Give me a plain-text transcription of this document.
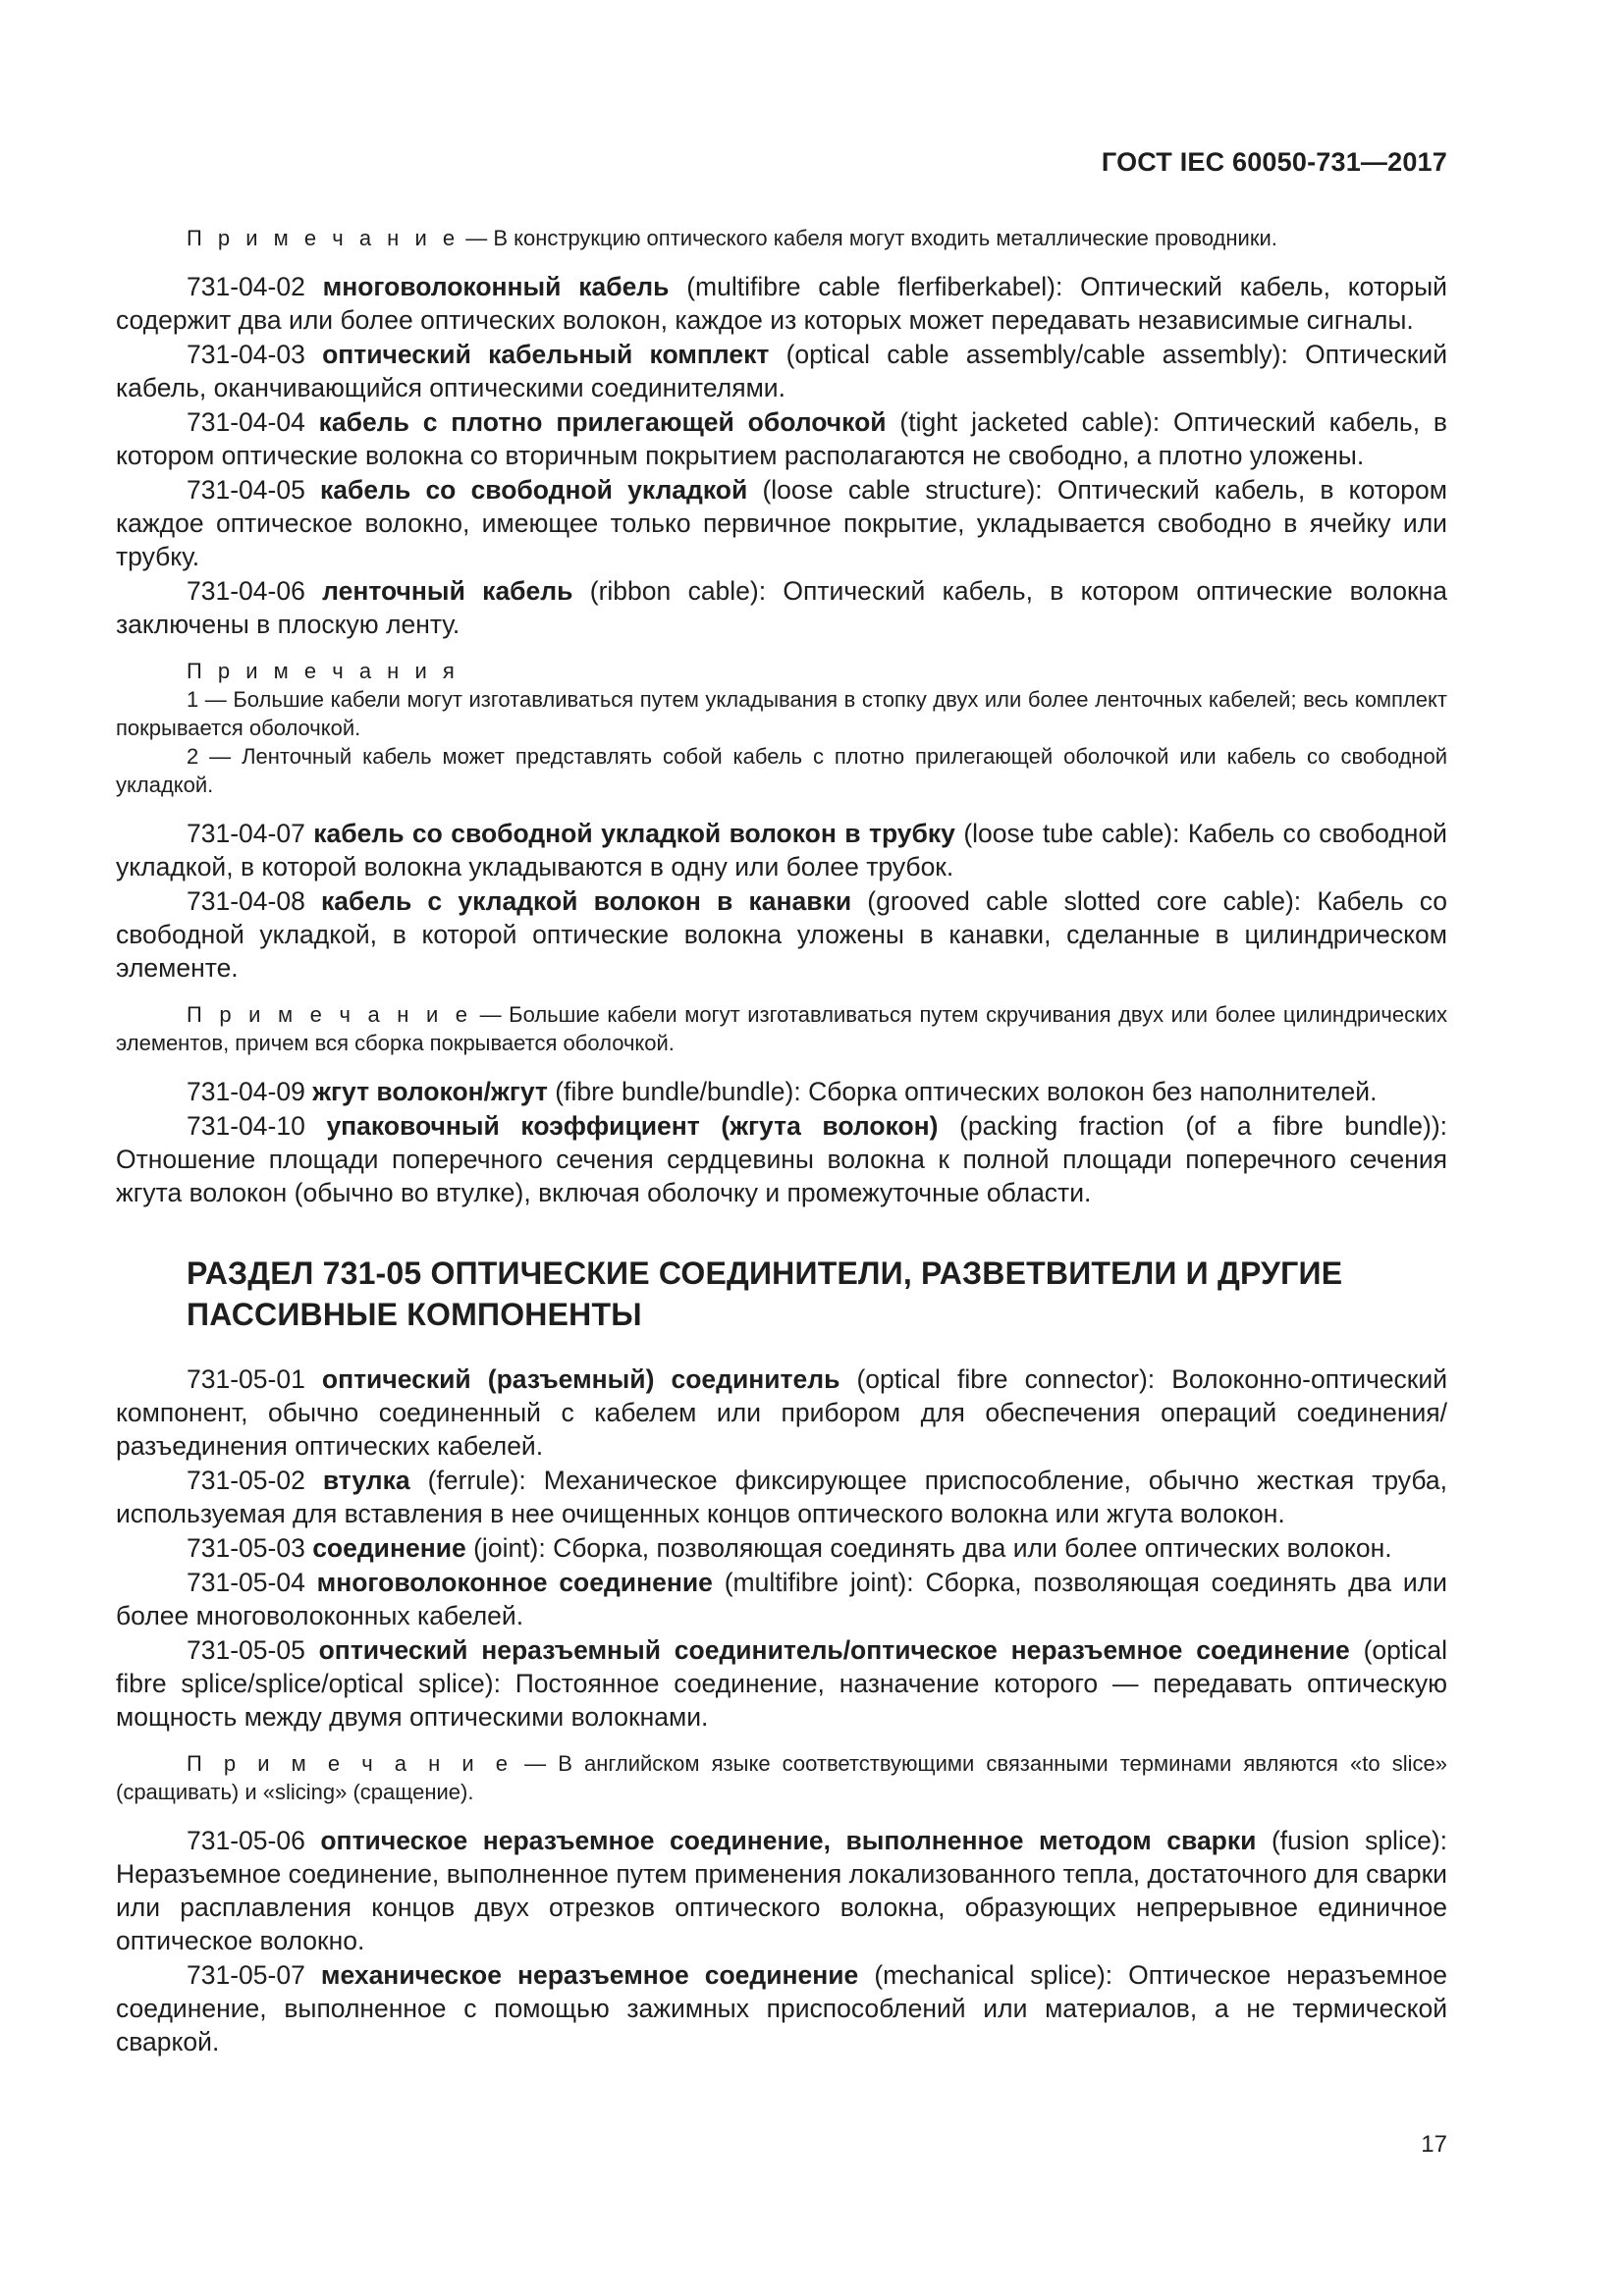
ГОСТ IEC 60050-731—2017

П р и м е ч а н и е — В конструкцию оптического кабеля могут входить металлические проводники.

731-04-02 многоволоконный кабель (multifibre cable flerfiberkabel): Оптический кабель, который содержит два или более оптических волокон, каждое из которых может передавать независимые сигналы.

731-04-03 оптический кабельный комплект (optical cable assembly/cable assembly): Оптический кабель, оканчивающийся оптическими соединителями.

731-04-04 кабель с плотно прилегающей оболочкой (tight jacketed cable): Оптический кабель, в котором оптические волокна со вторичным покрытием располагаются не свободно, а плотно уложены.

731-04-05 кабель со свободной укладкой (loose cable structure): Оптический кабель, в котором каждое оптическое волокно, имеющее только первичное покрытие, укладывается свободно в ячейку или трубку.

731-04-06 ленточный кабель (ribbon cable): Оптический кабель, в котором оптические волокна заключены в плоскую ленту.

П р и м е ч а н и я

1 — Большие кабели могут изготавливаться путем укладывания в стопку двух или более ленточных кабелей; весь комплект покрывается оболочкой.

2 — Ленточный кабель может представлять собой кабель с плотно прилегающей оболочкой или кабель со свободной укладкой.

731-04-07 кабель со свободной укладкой волокон в трубку (loose tube cable): Кабель со свободной укладкой, в которой волокна укладываются в одну или более трубок.

731-04-08 кабель с укладкой волокон в канавки (grooved cable slotted core cable): Кабель со свободной укладкой, в которой оптические волокна уложены в канавки, сделанные в цилиндрическом элементе.

П р и м е ч а н и е — Большие кабели могут изготавливаться путем скручивания двух или более цилиндрических элементов, причем вся сборка покрывается оболочкой.

731-04-09 жгут волокон/жгут (fibre bundle/bundle): Сборка оптических волокон без наполнителей.

731-04-10 упаковочный коэффициент (жгута волокон) (packing fraction (of a fibre bundle)): Отношение площади поперечного сечения сердцевины волокна к полной площади поперечного сечения жгута волокон (обычно во втулке), включая оболочку и промежуточные области.

РАЗДЕЛ 731-05 ОПТИЧЕСКИЕ СОЕДИНИТЕЛИ, РАЗВЕТВИТЕЛИ И ДРУГИЕ ПАССИВНЫЕ КОМПОНЕНТЫ

731-05-01 оптический (разъемный) соединитель (optical fibre connector): Волоконно-оптический компонент, обычно соединенный с кабелем или прибором для обеспечения операций соединения/разъединения оптических кабелей.

731-05-02 втулка (ferrule): Механическое фиксирующее приспособление, обычно жесткая труба, используемая для вставления в нее очищенных концов оптического волокна или жгута волокон.

731-05-03 соединение (joint): Сборка, позволяющая соединять два или более оптических волокон.

731-05-04 многоволоконное соединение (multifibre joint): Сборка, позволяющая соединять два или более многоволоконных кабелей.

731-05-05 оптический неразъемный соединитель/оптическое неразъемное соединение (optical fibre splice/splice/optical splice): Постоянное соединение, назначение которого — передавать оптическую мощность между двумя оптическими волокнами.

П р и м е ч а н и е — В английском языке соответствующими связанными терминами являются «to slice» (сращивать) и «slicing» (сращение).

731-05-06 оптическое неразъемное соединение, выполненное методом сварки (fusion splice): Неразъемное соединение, выполненное путем применения локализованного тепла, достаточного для сварки или расплавления концов двух отрезков оптического волокна, образующих непрерывное единичное оптическое волокно.

731-05-07 механическое неразъемное соединение (mechanical splice): Оптическое неразъемное соединение, выполненное с помощью зажимных приспособлений или материалов, а не термической сваркой.

17
